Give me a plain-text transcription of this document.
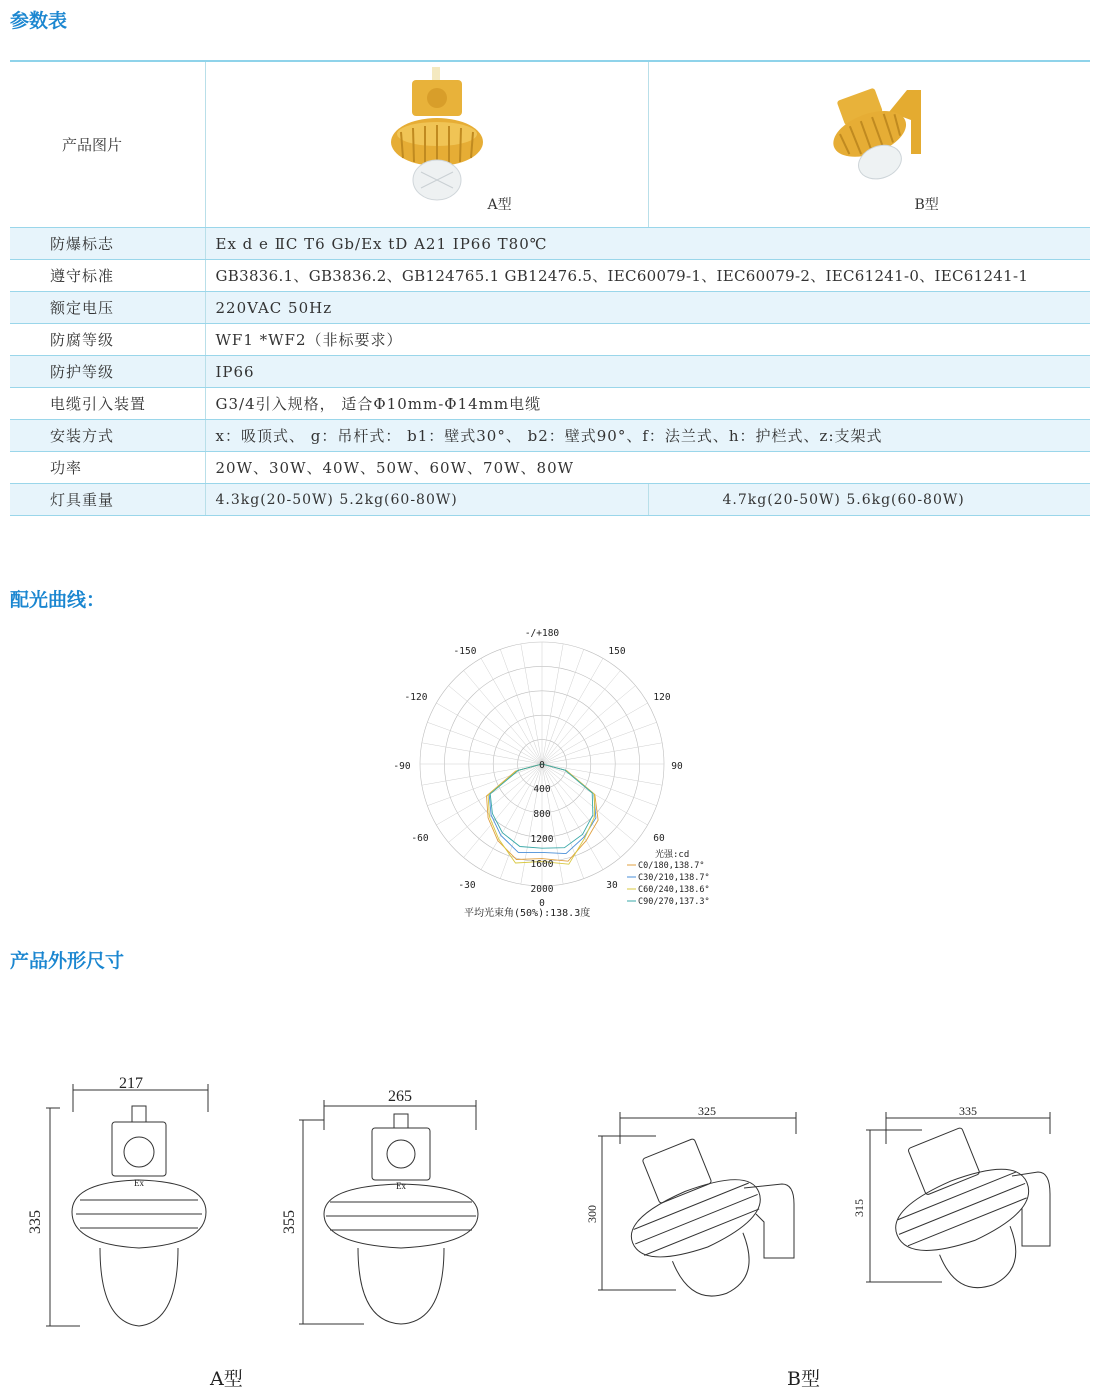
参数表
配光曲线：
产品外形尺寸
产品图片	A型	B型

防爆标志	Ex d e ⅡC T6 Gb/Ex tD A21 IP66 T80℃	
遵守标准	GB3836.1、GB3836.2、GB124765.1 GB12476.5、IEC60079-1、IEC60079-2、IEC61241-0、IEC61241-1	
额定电压	220VAC 50Hz	
防腐等级	WF1 *WF2（非标要求）	
防护等级	IP66	
电缆引入装置	G3/4引入规格， 适合Φ10mm-Φ14mm电缆	
安装方式	x：吸顶式、 g：吊杆式： b1：壁式30°、 b2：壁式90°、f：法兰式、h：护栏式、z:支架式	
功率	20W、30W、40W、50W、60W、70W、80W	
灯具重量	4.3kg(20-50W) 5.2kg(60-80W)	4.7kg(20-50W) 5.6kg(60-80W)
-/+180
-150	150
-120	120
-90	90
-60	60
-30	30
0
0
400
800
1200
1600
2000
光强:cd
C0/180,138.7°
C30/210,138.7°
C60/240,138.6°
C90/270,137.3°
平均光束角(50%):138.3度
217
335
Ex
265
355
Ex
325
300
335
315
A型	B型
